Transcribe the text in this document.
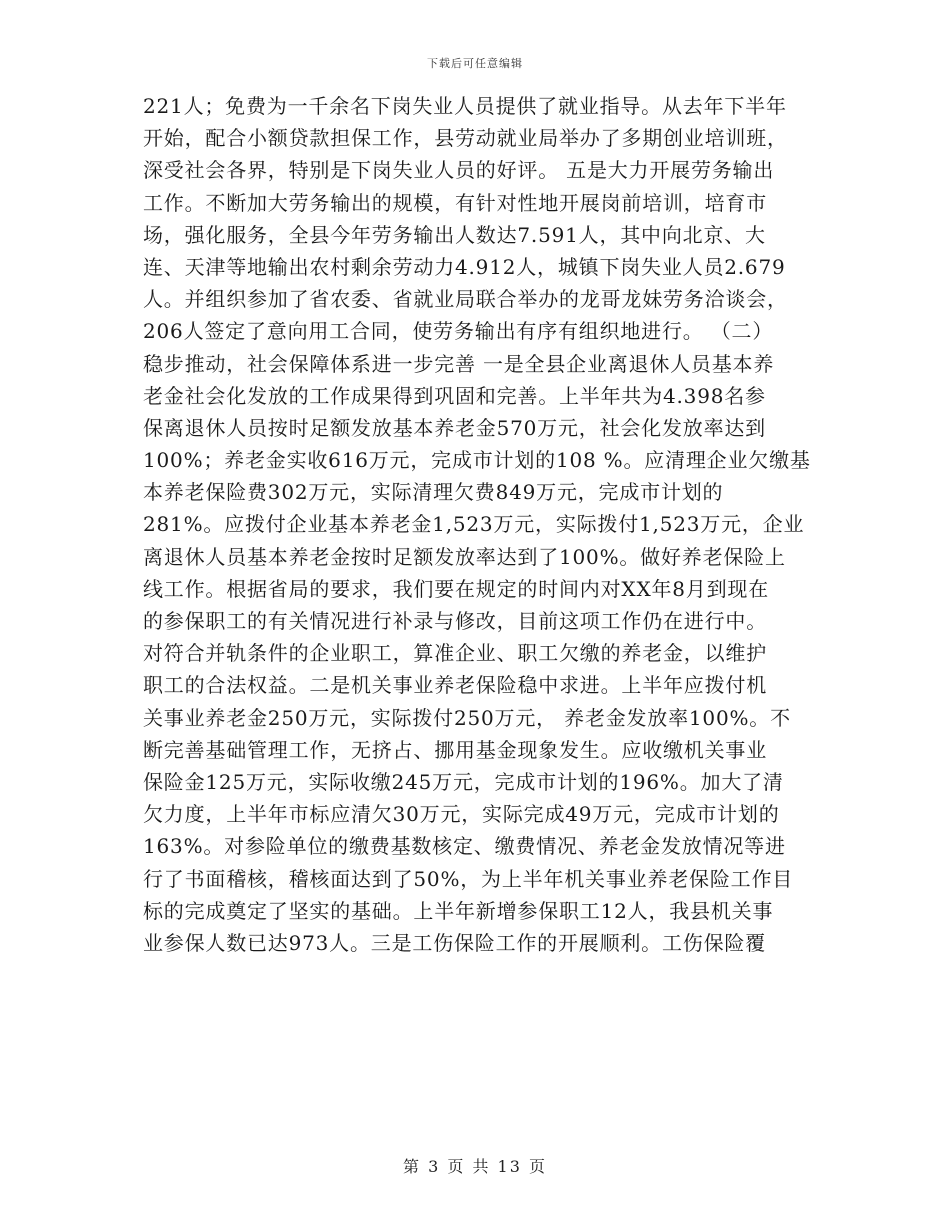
下载后可任意编辑
221人；免费为一千余名下岗失业人员提供了就业指导。从去年下半年
开始，配合小额贷款担保工作，县劳动就业局举办了多期创业培训班，
深受社会各界，特别是下岗失业人员的好评。 五是大力开展劳务输出
工作。不断加大劳务输出的规模，有针对性地开展岗前培训，培育市
场，强化服务，全县今年劳务输出人数达7.591人，其中向北京、大
连、天津等地输出农村剩余劳动力4.912人，城镇下岗失业人员2.679
人。并组织参加了省农委、省就业局联合举办的龙哥龙妹劳务洽谈会，
206人签定了意向用工合同，使劳务输出有序有组织地进行。 （二）
稳步推动，社会保障体系进一步完善 一是全县企业离退休人员基本养
老金社会化发放的工作成果得到巩固和完善。上半年共为4.398名参
保离退休人员按时足额发放基本养老金570万元，社会化发放率达到
100%；养老金实收616万元，完成市计划的108 %。应清理企业欠缴基
本养老保险费302万元，实际清理欠费849万元，完成市计划的
281%。应拨付企业基本养老金1,523万元，实际拨付1,523万元，企业
离退休人员基本养老金按时足额发放率达到了100%。做好养老保险上
线工作。根据省局的要求，我们要在规定的时间内对XX年8月到现在
的参保职工的有关情况进行补录与修改，目前这项工作仍在进行中。
对符合并轨条件的企业职工，算准企业、职工欠缴的养老金，以维护
职工的合法权益。二是机关事业养老保险稳中求进。上半年应拨付机
关事业养老金250万元，实际拨付250万元， 养老金发放率100%。不
断完善基础管理工作，无挤占、挪用基金现象发生。应收缴机关事业
保险金125万元，实际收缴245万元，完成市计划的196%。加大了清
欠力度，上半年市标应清欠30万元，实际完成49万元，完成市计划的
163%。对参险单位的缴费基数核定、缴费情况、养老金发放情况等进
行了书面稽核，稽核面达到了50%，为上半年机关事业养老保险工作目
标的完成奠定了坚实的基础。上半年新增参保职工12人，我县机关事
业参保人数已达973人。三是工伤保险工作的开展顺利。工伤保险覆
第 3 页 共 13 页
